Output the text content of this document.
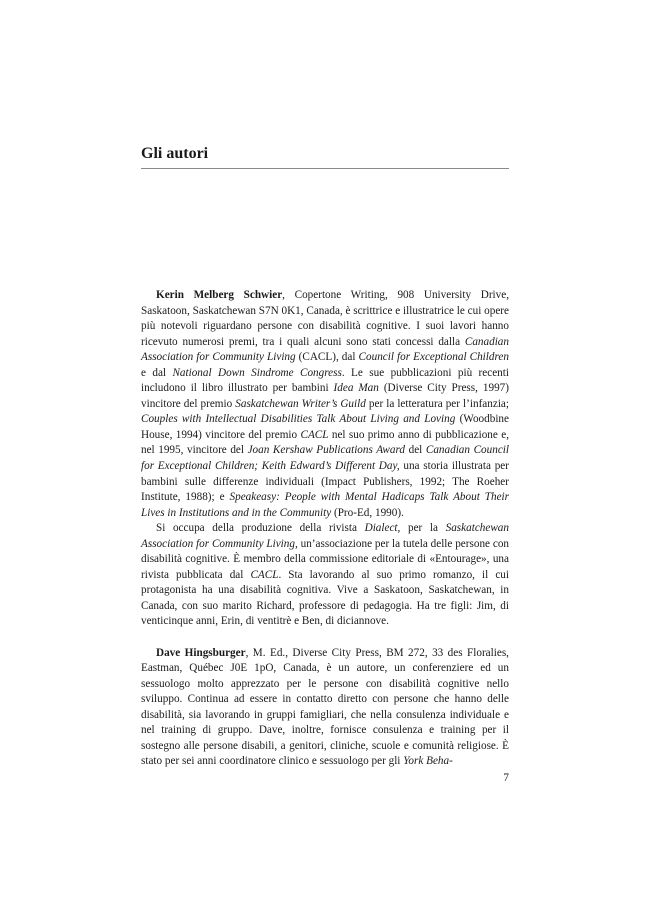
Gli autori

Kerin Melberg Schwier, Copertone Writing, 908 University Drive, Saskatoon, Saskatchewan S7N 0K1, Canada, è scrittrice e illustratrice le cui opere più notevoli riguardano persone con disabilità cognitive. I suoi lavori hanno ricevuto numerosi premi, tra i quali alcuni sono stati concessi dalla Canadian Association for Community Living (CACL), dal Council for Exceptional Children e dal National Down Sindrome Congress. Le sue pubblicazioni più recenti includono il libro illustrato per bambini Idea Man (Diverse City Press, 1997) vincitore del premio Saskatchewan Writer’s Guild per la letteratura per l’infanzia; Couples with Intellectual Disabilities Talk About Living and Loving (Woodbine House, 1994) vincitore del premio CACL nel suo primo anno di pubblicazione e, nel 1995, vincitore del Joan Kershaw Publications Award del Canadian Council for Exceptional Children; Keith Edward’s Different Day, una storia illustrata per bambini sulle differenze individuali (Impact Publishers, 1992; The Roeher Institute, 1988); e Speakeasy: People with Mental Hadicaps Talk About Their Lives in Institutions and in the Community (Pro-Ed, 1990).

Si occupa della produzione della rivista Dialect, per la Saskatchewan Association for Community Living, un’associazione per la tutela delle persone con disabilità cognitive. È membro della commissione editoriale di «Entourage», una rivista pubblicata dal CACL. Sta lavorando al suo primo romanzo, il cui protagonista ha una disabilità cognitiva. Vive a Saskatoon, Saskatchewan, in Canada, con suo marito Richard, professore di pedagogia. Ha tre figli: Jim, di venticinque anni, Erin, di ventitrè e Ben, di diciannove.

Dave Hingsburger, M. Ed., Diverse City Press, BM 272, 33 des Floralies, Eastman, Québec J0E 1pO, Canada, è un autore, un conferenziere ed un sessuologo molto apprezzato per le persone con disabilità cognitive nello sviluppo. Continua ad essere in contatto diretto con persone che hanno delle disabilità, sia lavorando in gruppi famigliari, che nella consulenza individuale e nel training di gruppo. Dave, inoltre, fornisce consulenza e training per il sostegno alle persone disabili, a genitori, cliniche, scuole e comunità religiose. È stato per sei anni coordinatore clinico e sessuologo per gli York Beha-

7
